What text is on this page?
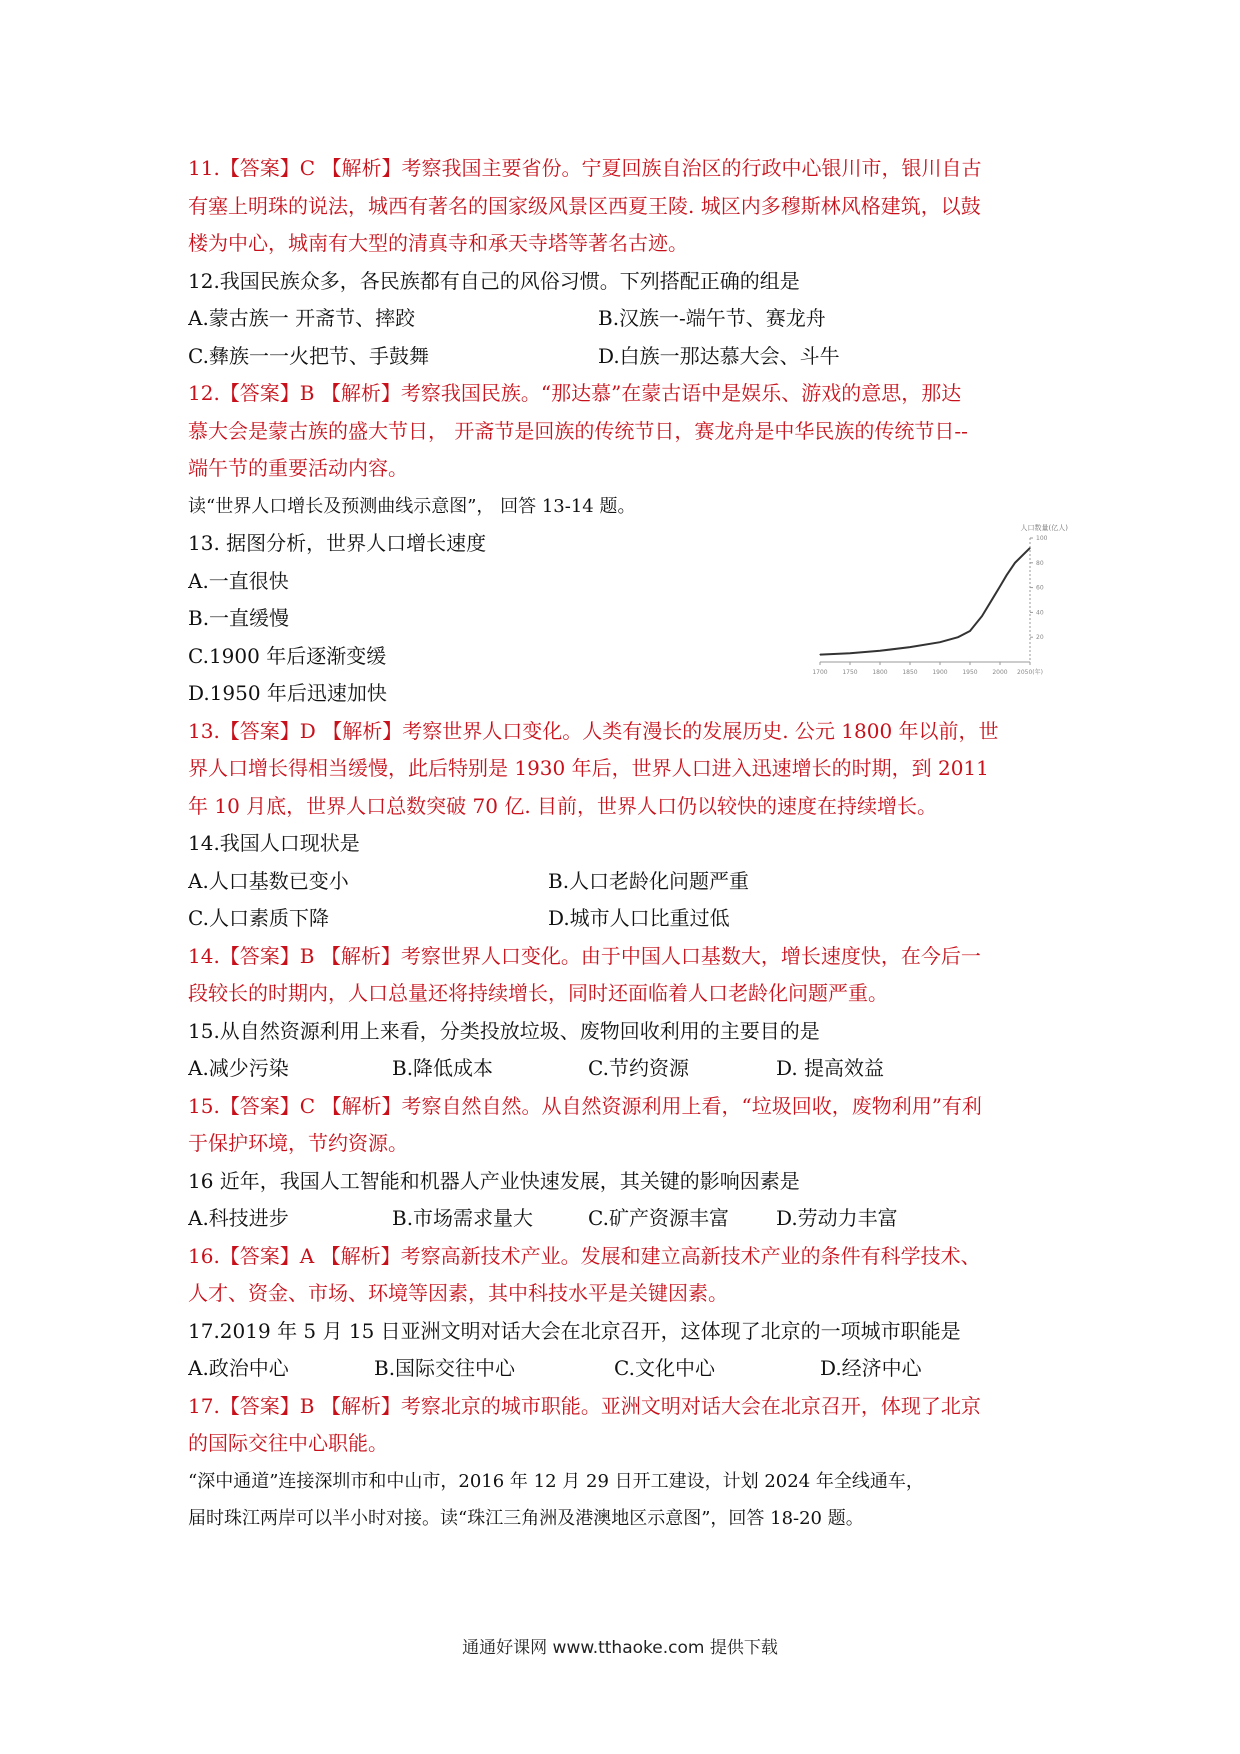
11.【答案】C 【解析】考察我国主要省份。宁夏回族自治区的行政中心银川市，银川自古
有塞上明珠的说法，城西有著名的国家级风景区西夏王陵. 城区内多穆斯林风格建筑，以鼓
楼为中心，城南有大型的清真寺和承天寺塔等著名古迹。
12.我国民族众多，各民族都有自己的风俗习惯。下列搭配正确的组是
A.蒙古族一 开斋节、摔跤	B.汉族一-端午节、赛龙舟
C.彝族一一火把节、手鼓舞	D.白族一那达慕大会、斗牛
12.【答案】B 【解析】考察我国民族。“那达慕”在蒙古语中是娱乐、游戏的意思，那达
慕大会是蒙古族的盛大节日， 开斋节是回族的传统节日，赛龙舟是中华民族的传统节日--
端午节的重要活动内容。
读“世界人口增长及预测曲线示意图”， 回答 13-14 题。
13. 据图分析，世界人口增长速度
A.一直很快
B.一直缓慢
C.1900 年后逐渐变缓
D.1950 年后迅速加快
13.【答案】D 【解析】考察世界人口变化。人类有漫长的发展历史. 公元 1800 年以前，世
界人口增长得相当缓慢，此后特别是 1930 年后，世界人口进入迅速增长的时期，到 2011
年 10 月底，世界人口总数突破 70 亿. 目前，世界人口仍以较快的速度在持续增长。
14.我国人口现状是
A.人口基数已变小	B.人口老龄化问题严重
C.人口素质下降	D.城市人口比重过低
14.【答案】B 【解析】考察世界人口变化。由于中国人口基数大，增长速度快，在今后一
段较长的时期内，人口总量还将持续增长，同时还面临着人口老龄化问题严重。
15.从自然资源利用上来看，分类投放垃圾、废物回收利用的主要目的是
A.减少污染	B.降低成本	C.节约资源	D. 提高效益
15.【答案】C 【解析】考察自然自然。从自然资源利用上看，“垃圾回收，废物利用”有利
于保护环境，节约资源。
16 近年，我国人工智能和机器人产业快速发展，其关键的影响因素是
A.科技进步	B.市场需求量大	C.矿产资源丰富	D.劳动力丰富
16.【答案】A 【解析】考察高新技术产业。发展和建立高新技术产业的条件有科学技术、
人才、资金、市场、环境等因素，其中科技水平是关键因素。
17.2019 年 5 月 15 日亚洲文明对话大会在北京召开，这体现了北京的一项城市职能是
A.政治中心	B.国际交往中心	C.文化中心	D.经济中心
17.【答案】B 【解析】考察北京的城市职能。亚洲文明对话大会在北京召开，体现了北京
的国际交往中心职能。
“深中通道”连接深圳市和中山市，2016 年 12 月 29 日开工建设，计划 2024 年全线通车，
届时珠江两岸可以半小时对接。读“珠江三角洲及港澳地区示意图”，回答 18-20 题。
1700 1750 1800 1850 1900 1950 2000 2050(年)
20
40
60
80
100
人口数量(亿人)
通通好课网 www.tthaoke.com 提供下载
